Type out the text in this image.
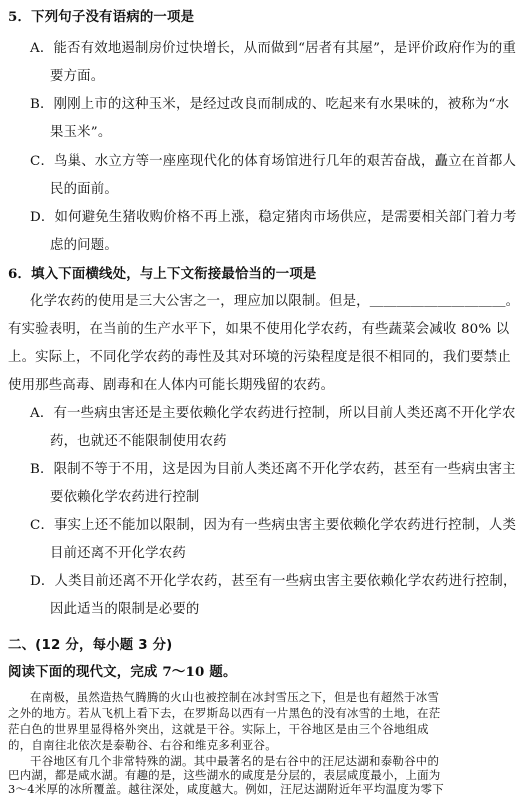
5．下列句子没有语病的一项是
A．能否有效地遏制房价过快增长，从而做到“居者有其屋”，是评价政府作为的重
要方面。
B．刚刚上市的这种玉米，是经过改良而制成的、吃起来有水果味的，被称为“水
果玉米”。
C．鸟巢、水立方等一座座现代化的体育场馆进行几年的艰苦奋战，矗立在首都人
民的面前。
D．如何避免生猪收购价格不再上涨，稳定猪肉市场供应，是需要相关部门着力考
虑的问题。
6．填入下面横线处，与上下文衔接最恰当的一项是
化学农药的使用是三大公害之一，理应加以限制。但是，＿＿＿＿＿＿＿＿＿＿。
有实验表明，在当前的生产水平下，如果不使用化学农药，有些蔬菜会减收 80% 以
上。实际上，不同化学农药的毒性及其对环境的污染程度是很不相同的，我们要禁止
使用那些高毒、剧毒和在人体内可能长期残留的农药。
A．有一些病虫害还是主要依赖化学农药进行控制，所以目前人类还离不开化学农
药，也就还不能限制使用农药
B．限制不等于不用，这是因为目前人类还离不开化学农药，甚至有一些病虫害主
要依赖化学农药进行控制
C．事实上还不能加以限制，因为有一些病虫害主要依赖化学农药进行控制，人类
目前还离不开化学农药
D．人类目前还离不开化学农药，甚至有一些病虫害主要依赖化学农药进行控制，
因此适当的限制是必要的
二、(12 分，每小题 3 分)
阅读下面的现代文，完成 7～10 题。
在南极，虽然造热气腾腾的火山也被控制在冰封雪压之下，但是也有超然于冰雪
之外的地方。若从飞机上看下去，在罗斯岛以西有一片黑色的没有冰雪的土地，在茫
茫白色的世界里显得格外突出，这就是干谷。实际上，干谷地区是由三个谷地组成
的，自南往北依次是泰勒谷、右谷和维克多利亚谷。
干谷地区有几个非常特殊的湖。其中最著名的是右谷中的汪尼达湖和泰勒谷中的
巴内湖，都是咸水湖。有趣的是，这些湖水的咸度是分层的，表层咸度最小，上面为
3～4米厚的冰所覆盖。越往深处，咸度越大。例如，汪尼达湖附近年平均温度为零下
